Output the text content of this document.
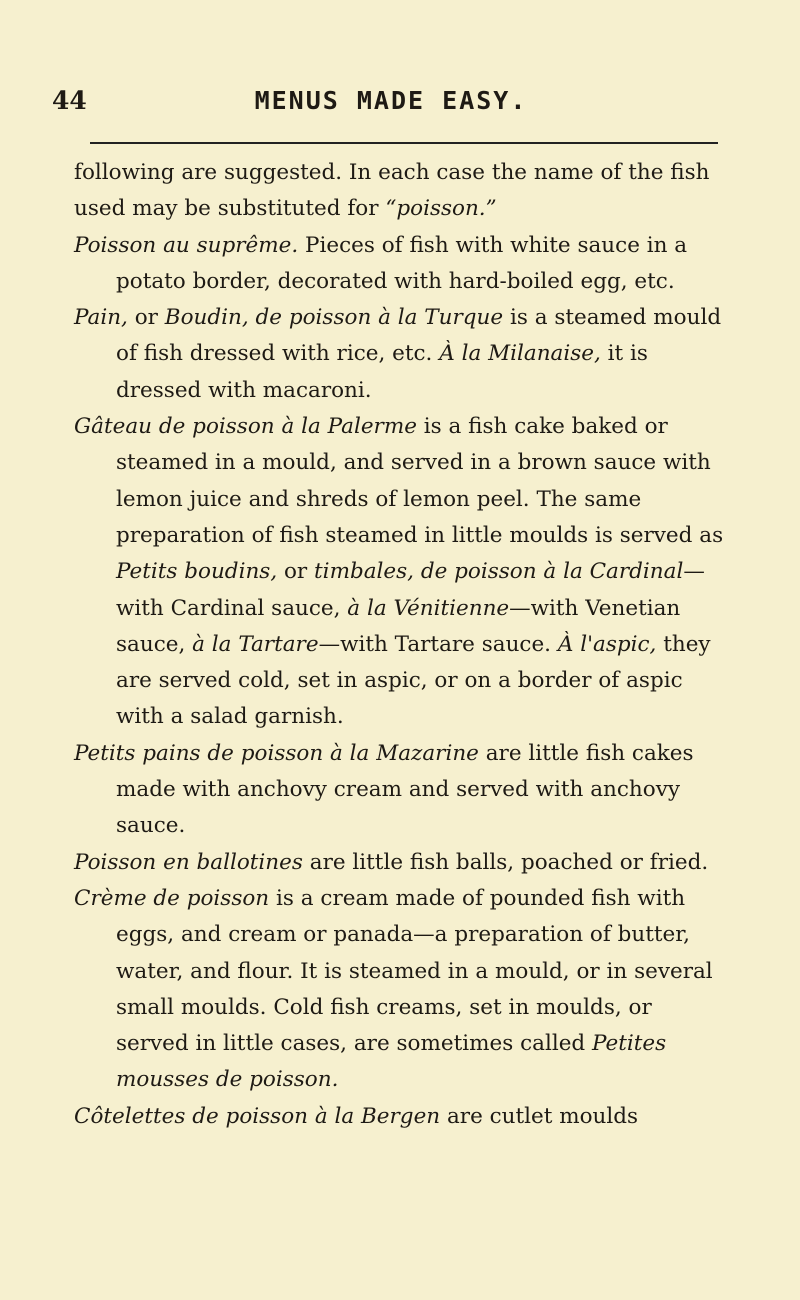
44	MENUS MADE EASY.

following are suggested. In each case the name of the fish used may be substituted for “poisson.”

Poisson au suprême. Pieces of fish with white sauce in a potato border, decorated with hard-boiled egg, etc.

Pain, or Boudin, de poisson à la Turque is a steamed mould of fish dressed with rice, etc. À la Milanaise, it is dressed with macaroni.

Gâteau de poisson à la Palerme is a fish cake baked or steamed in a mould, and served in a brown sauce with lemon juice and shreds of lemon peel. The same preparation of fish steamed in little moulds is served as Petits boudins, or timbales, de poisson à la Cardinal—with Cardinal sauce, à la Vénitienne—with Venetian sauce, à la Tartare—with Tartare sauce. À l'aspic, they are served cold, set in aspic, or on a border of aspic with a salad garnish.

Petits pains de poisson à la Mazarine are little fish cakes made with anchovy cream and served with anchovy sauce.

Poisson en ballotines are little fish balls, poached or fried.

Crème de poisson is a cream made of pounded fish with eggs, and cream or panada—a preparation of butter, water, and flour. It is steamed in a mould, or in several small moulds. Cold fish creams, set in moulds, or served in little cases, are sometimes called Petites mousses de poisson.

Côtelettes de poisson à la Bergen are cutlet moulds
